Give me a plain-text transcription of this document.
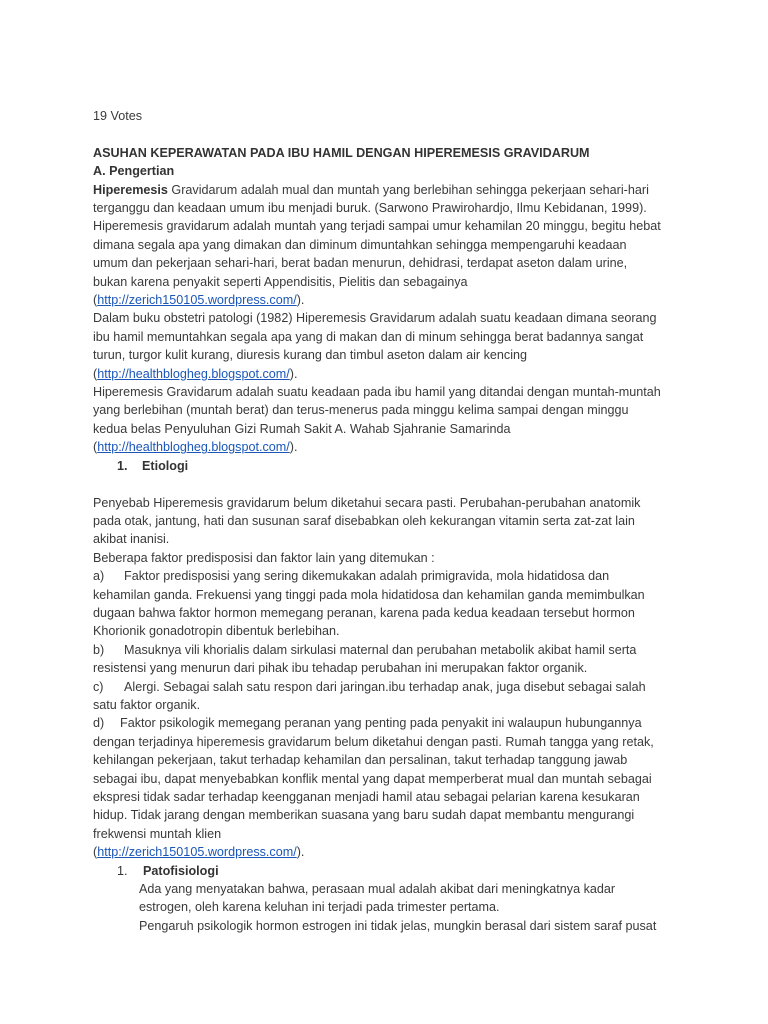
19 Votes
ASUHAN KEPERAWATAN PADA IBU HAMIL DENGAN HIPEREMESIS GRAVIDARUM
A. Pengertian
Hiperemesis Gravidarum adalah mual dan muntah yang berlebihan sehingga pekerjaan sehari-hari
terganggu dan keadaan umum ibu menjadi buruk. (Sarwono Prawirohardjo, Ilmu Kebidanan, 1999).
Hiperemesis gravidarum adalah muntah yang terjadi sampai umur kehamilan 20 minggu, begitu hebat
dimana segala apa yang dimakan dan diminum dimuntahkan sehingga mempengaruhi keadaan
umum dan pekerjaan sehari-hari, berat badan menurun, dehidrasi, terdapat aseton dalam urine,
bukan karena penyakit seperti Appendisitis, Pielitis dan sebagainya
(http://zerich150105.wordpress.com/).
Dalam buku obstetri patologi (1982) Hiperemesis Gravidarum adalah suatu keadaan dimana seorang
ibu hamil memuntahkan segala apa yang di makan dan di minum sehingga berat badannya sangat
turun, turgor kulit kurang, diuresis kurang dan timbul aseton dalam air kencing
(http://healthblogheg.blogspot.com/).
Hiperemesis Gravidarum adalah suatu keadaan pada ibu hamil yang ditandai dengan muntah-muntah
yang berlebihan (muntah berat) dan terus-menerus pada minggu kelima sampai dengan minggu
kedua belas Penyuluhan Gizi Rumah Sakit A. Wahab Sjahranie Samarinda
(http://healthblogheg.blogspot.com/).
1.	Etiologi
Penyebab Hiperemesis gravidarum belum diketahui secara pasti. Perubahan-perubahan anatomik
pada otak, jantung, hati dan susunan saraf disebabkan oleh kekurangan vitamin serta zat-zat lain
akibat inanisi.
Beberapa faktor predisposisi dan faktor lain yang ditemukan :
a) Faktor predisposisi yang sering dikemukakan adalah primigravida, mola hidatidosa dan
kehamilan ganda. Frekuensi yang tinggi pada mola hidatidosa dan kehamilan ganda memimbulkan
dugaan bahwa faktor hormon memegang peranan, karena pada kedua keadaan tersebut hormon
Khorionik gonadotropin dibentuk berlebihan.
b) Masuknya vili khorialis dalam sirkulasi maternal dan perubahan metabolik akibat hamil serta
resistensi yang menurun dari pihak ibu tehadap perubahan ini merupakan faktor organik.
c) Alergi. Sebagai salah satu respon dari jaringan.ibu terhadap anak, juga disebut sebagai salah
satu faktor organik.
d) Faktor psikologik memegang peranan yang penting pada penyakit ini walaupun hubungannya
dengan terjadinya hiperemesis gravidarum belum diketahui dengan pasti. Rumah tangga yang retak,
kehilangan pekerjaan, takut terhadap kehamilan dan persalinan, takut terhadap tanggung jawab
sebagai ibu, dapat menyebabkan konflik mental yang dapat memperberat mual dan muntah sebagai
ekspresi tidak sadar terhadap keengganan menjadi hamil atau sebagai pelarian karena kesukaran
hidup. Tidak jarang dengan memberikan suasana yang baru sudah dapat membantu mengurangi
frekwensi muntah klien
(http://zerich150105.wordpress.com/).
1.	Patofisiologi
Ada yang menyatakan bahwa, perasaan mual adalah akibat dari meningkatnya kadar
estrogen, oleh karena keluhan ini terjadi pada trimester pertama.
Pengaruh psikologik hormon estrogen ini tidak jelas, mungkin berasal dari sistem saraf pusat
